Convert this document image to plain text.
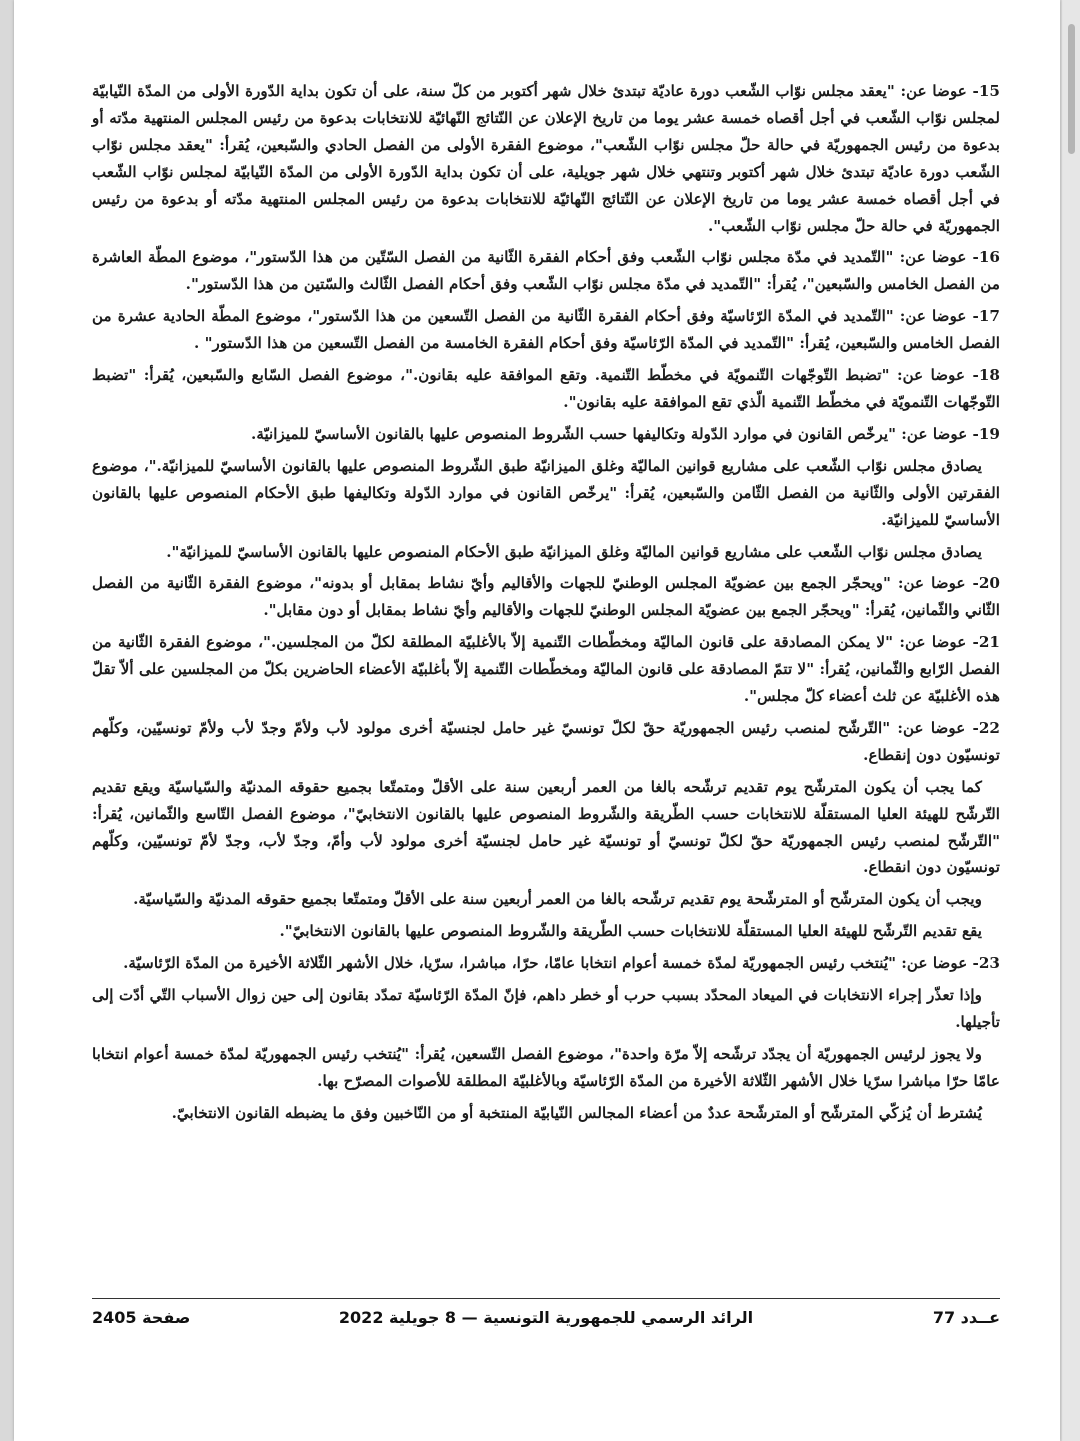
15- عوضا عن: "يعقد مجلس نوّاب الشّعب دورة عاديّة تبتدئ خلال شهر أكتوبر من كلّ سنة، على أن تكون بداية الدّورة الأولى من المدّة النّيابيّة لمجلس نوّاب الشّعب في أجل أقصاه خمسة عشر يوما من تاريخ الإعلان عن النّتائج النّهائيّة للانتخابات بدعوة من رئيس المجلس المنتهية مدّته أو بدعوة من رئيس الجمهوريّة في حالة حلّ مجلس نوّاب الشّعب"، موضوع الفقرة الأولى من الفصل الحادي والسّبعين، يُقرأ: "يعقد مجلس نوّاب الشّعب دورة عاديّة تبتدئ خلال شهر أكتوبر وتنتهي خلال شهر جويلية، على أن تكون بداية الدّورة الأولى من المدّة النّيابيّة لمجلس نوّاب الشّعب في أجل أقصاه خمسة عشر يوما من تاريخ الإعلان عن النّتائج النّهائيّة للانتخابات بدعوة من رئيس المجلس المنتهية مدّته أو بدعوة من رئيس الجمهوريّة في حالة حلّ مجلس نوّاب الشّعب".

16- عوضا عن: "التّمديد في مدّة مجلس نوّاب الشّعب وفق أحكام الفقرة الثّانية من الفصل السّتّين من هذا الدّستور"، موضوع المطّة العاشرة من الفصل الخامس والسّبعين"، يُقرأ: "التّمديد في مدّة مجلس نوّاب الشّعب وفق أحكام الفصل الثّالث والسّتين من هذا الدّستور".

17- عوضا عن: "التّمديد في المدّة الرّئاسيّة وفق أحكام الفقرة الثّانية من الفصل التّسعين من هذا الدّستور"، موضوع المطّة الحادية عشرة من الفصل الخامس والسّبعين، يُقرأ: "التّمديد في المدّة الرّئاسيّة وفق أحكام الفقرة الخامسة من الفصل التّسعين من هذا الدّستور" .

18- عوضا عن: "تضبط التّوجّهات التّنمويّة في مخطّط التّنمية. وتقع الموافقة عليه بقانون."، موضوع الفصل السّابع والسّبعين، يُقرأ: "تضبط التّوجّهات التّنمويّة في مخطّط التّنمية الّذي تقع الموافقة عليه بقانون".

19- عوضا عن: "يرخّص القانون في موارد الدّولة وتكاليفها حسب الشّروط المنصوص عليها بالقانون الأساسيّ للميزانيّة.

يصادق مجلس نوّاب الشّعب على مشاريع قوانين الماليّة وغلق الميزانيّة طبق الشّروط المنصوص عليها بالقانون الأساسيّ للميزانيّة."، موضوع الفقرتين الأولى والثّانية من الفصل الثّامن والسّبعين، يُقرأ: "يرخّص القانون في موارد الدّولة وتكاليفها طبق الأحكام المنصوص عليها بالقانون الأساسيّ للميزانيّة.

يصادق مجلس نوّاب الشّعب على مشاريع قوانين الماليّة وغلق الميزانيّة طبق الأحكام المنصوص عليها بالقانون الأساسيّ للميزانيّة".

20- عوضا عن: "ويحجّر الجمع بين عضويّة المجلس الوطنيّ للجهات والأقاليم وأيّ نشاط بمقابل أو بدونه"، موضوع الفقرة الثّانية من الفصل الثّاني والثّمانين، يُقرأ: "ويحجّر الجمع بين عضويّة المجلس الوطنيّ للجهات والأقاليم وأيّ نشاط بمقابل أو دون مقابل".

21- عوضا عن: "لا يمكن المصادقة على قانون الماليّة ومخطّطات التّنمية إلاّ بالأغلبيّة المطلقة لكلّ من المجلسين."، موضوع الفقرة الثّانية من الفصل الرّابع والثّمانين، يُقرأ: "لا تتمّ المصادقة على قانون الماليّة ومخطّطات التّنمية إلاّ بأغلبيّة الأعضاء الحاضرين بكلّ من المجلسين على ألاّ تقلّ هذه الأغلبيّة عن ثلث أعضاء كلّ مجلس".

22- عوضا عن: "التّرشّح لمنصب رئيس الجمهوريّة حقّ لكلّ تونسيّ غير حامل لجنسيّة أخرى مولود لأب ولأمّ وجدّ لأب ولأمّ تونسيّين، وكلّهم تونسيّون دون إنقطاع.

كما يجب أن يكون المترشّح يوم تقديم ترشّحه بالغا من العمر أربعين سنة على الأقلّ ومتمتّعا بجميع حقوقه المدنيّة والسّياسيّة ويقع تقديم التّرشّح للهيئة العليا المستقلّة للانتخابات حسب الطّريقة والشّروط المنصوص عليها بالقانون الانتخابيّ"، موضوع الفصل التّاسع والثّمانين، يُقرأ: "التّرشّح لمنصب رئيس الجمهوريّة حقّ لكلّ تونسيّ أو تونسيّة غير حامل لجنسيّة أخرى مولود لأب وأمّ، وجدّ لأب، وجدّ لأمّ تونسيّين، وكلّهم تونسيّون دون انقطاع.

ويجب أن يكون المترشّح أو المترشّحة يوم تقديم ترشّحه بالغا من العمر أربعين سنة على الأقلّ ومتمتّعا بجميع حقوقه المدنيّة والسّياسيّة.

يقع تقديم التّرشّح للهيئة العليا المستقلّة للانتخابات حسب الطّريقة والشّروط المنصوص عليها بالقانون الانتخابيّ".

23- عوضا عن: "يُنتخب رئيس الجمهوريّة لمدّة خمسة أعوام انتخابا عامّا، حرّا، مباشرا، سرّيا، خلال الأشهر الثّلاثة الأخيرة من المدّة الرّئاسيّة.

وإذا تعذّر إجراء الانتخابات في الميعاد المحدّد بسبب حرب أو خطر داهم، فإنّ المدّة الرّئاسيّة تمدّد بقانون إلى حين زوال الأسباب التّي أدّت إلى تأجيلها.

ولا يجوز لرئيس الجمهوريّة أن يجدّد ترشّحه إلاّ مرّة واحدة"، موضوع الفصل التّسعين، يُقرأ: "يُنتخب رئيس الجمهوريّة لمدّة خمسة أعوام انتخابا عامّا حرّا مباشرا سرّيا خلال الأشهر الثّلاثة الأخيرة من المدّة الرّئاسيّة وبالأغلبيّة المطلقة للأصوات المصرّح بها.

يُشترط أن يُزكّي المترشّح أو المترشّحة عددٌ من أعضاء المجالس النّيابيّة المنتخبة أو من النّاخبين وفق ما يضبطه القانون الانتخابيّ.

عــدد 77
الرائد الرسمي للجمهورية التونسية — 8 جويلية 2022
صفحة 2405
